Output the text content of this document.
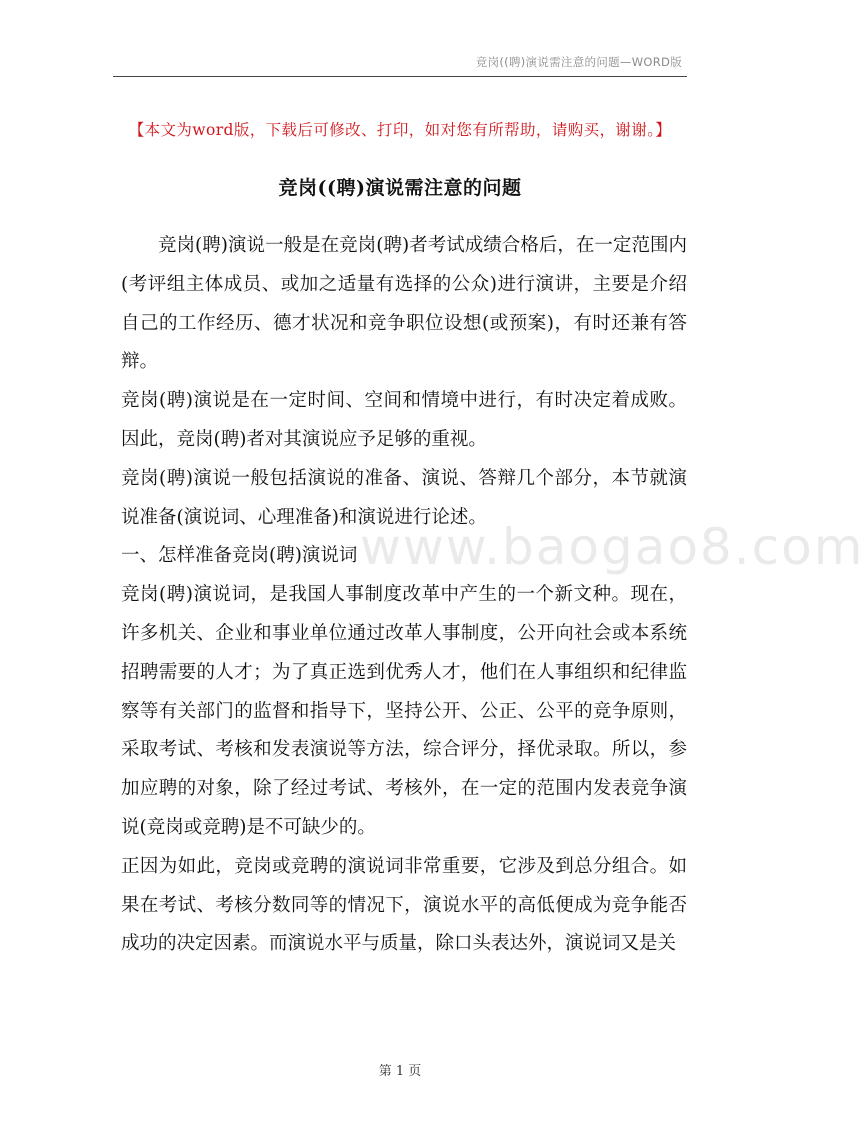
竞岗((聘)演说需注意的问题—WORD版
【本文为word版，下载后可修改、打印，如对您有所帮助，请购买，谢谢。】
竞岗((聘)演说需注意的问题

竞岗(聘)演说一般是在竞岗(聘)者考试成绩合格后，在一定范围内(考评组主体成员、或加之适量有选择的公众)进行演讲，主要是介绍自己的工作经历、德才状况和竞争职位设想(或预案)，有时还兼有答辩。

竞岗(聘)演说是在一定时间、空间和情境中进行，有时决定着成败。因此，竞岗(聘)者对其演说应予足够的重视。

竞岗(聘)演说一般包括演说的准备、演说、答辩几个部分，本节就演说准备(演说词、心理准备)和演说进行论述。

一、怎样准备竞岗(聘)演说词

竞岗(聘)演说词，是我国人事制度改革中产生的一个新文种。现在，许多机关、企业和事业单位通过改革人事制度，公开向社会或本系统招聘需要的人才；为了真正选到优秀人才，他们在人事组织和纪律监察等有关部门的监督和指导下，坚持公开、公正、公平的竞争原则，采取考试、考核和发表演说等方法，综合评分，择优录取。所以，参加应聘的对象，除了经过考试、考核外，在一定的范围内发表竞争演说(竞岗或竞聘)是不可缺少的。

正因为如此，竞岗或竞聘的演说词非常重要，它涉及到总分组合。如果在考试、考核分数同等的情况下，演说水平的高低便成为竞争能否成功的决定因素。而演说水平与质量，除口头表达外，演说词又是关

www.baogao8.com
第 1 页
